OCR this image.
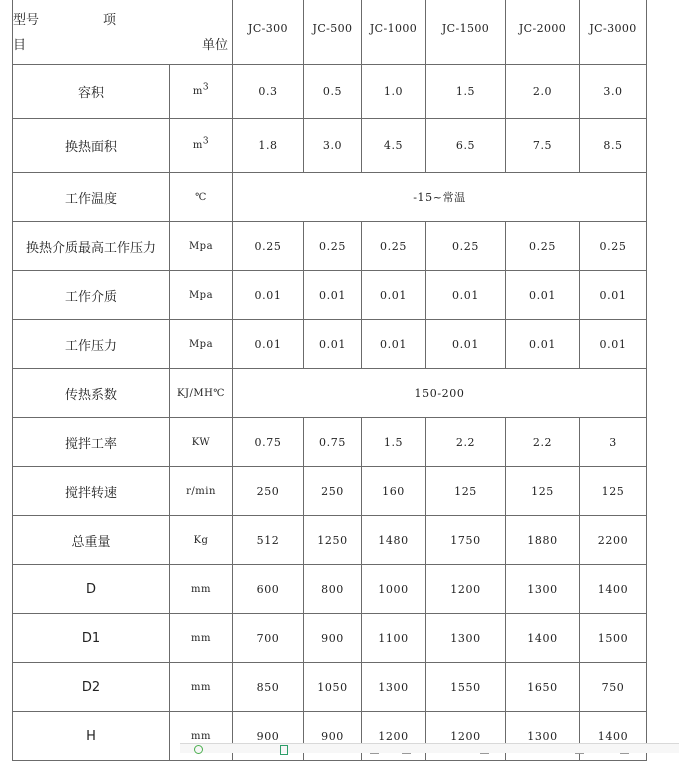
型号 项
目 单位		JC-300	JC-500	JC-1000	JC-1500	JC-2000	JC-3000
容积	$m^3$	0.3	0.5	1.0	1.5	2.0	3.0
换热面积	$m^3$	1.8	3.0	4.5	6.5	7.5	8.5
工作温度	℃	-15~常温					
换热介质最高工作压力	Mpa	0.25	0.25	0.25	0.25	0.25	0.25
工作介质	Mpa	0.01	0.01	0.01	0.01	0.01	0.01
工作压力	Mpa	0.01	0.01	0.01	0.01	0.01	0.01
传热系数	KJ/MH℃	150-200					
搅拌工率	KW	0.75	0.75	1.5	2.2	2.2	3
搅拌转速	r/min	250	250	160	125	125	125
总重量	Kg	512	1250	1480	1750	1880	2200
D	mm	600	800	1000	1200	1300	1400
D1	mm	700	900	1100	1300	1400	1500
D2	mm	850	1050	1300	1550	1650	750
H	mm	900	900	1200	1200	1300	1400
